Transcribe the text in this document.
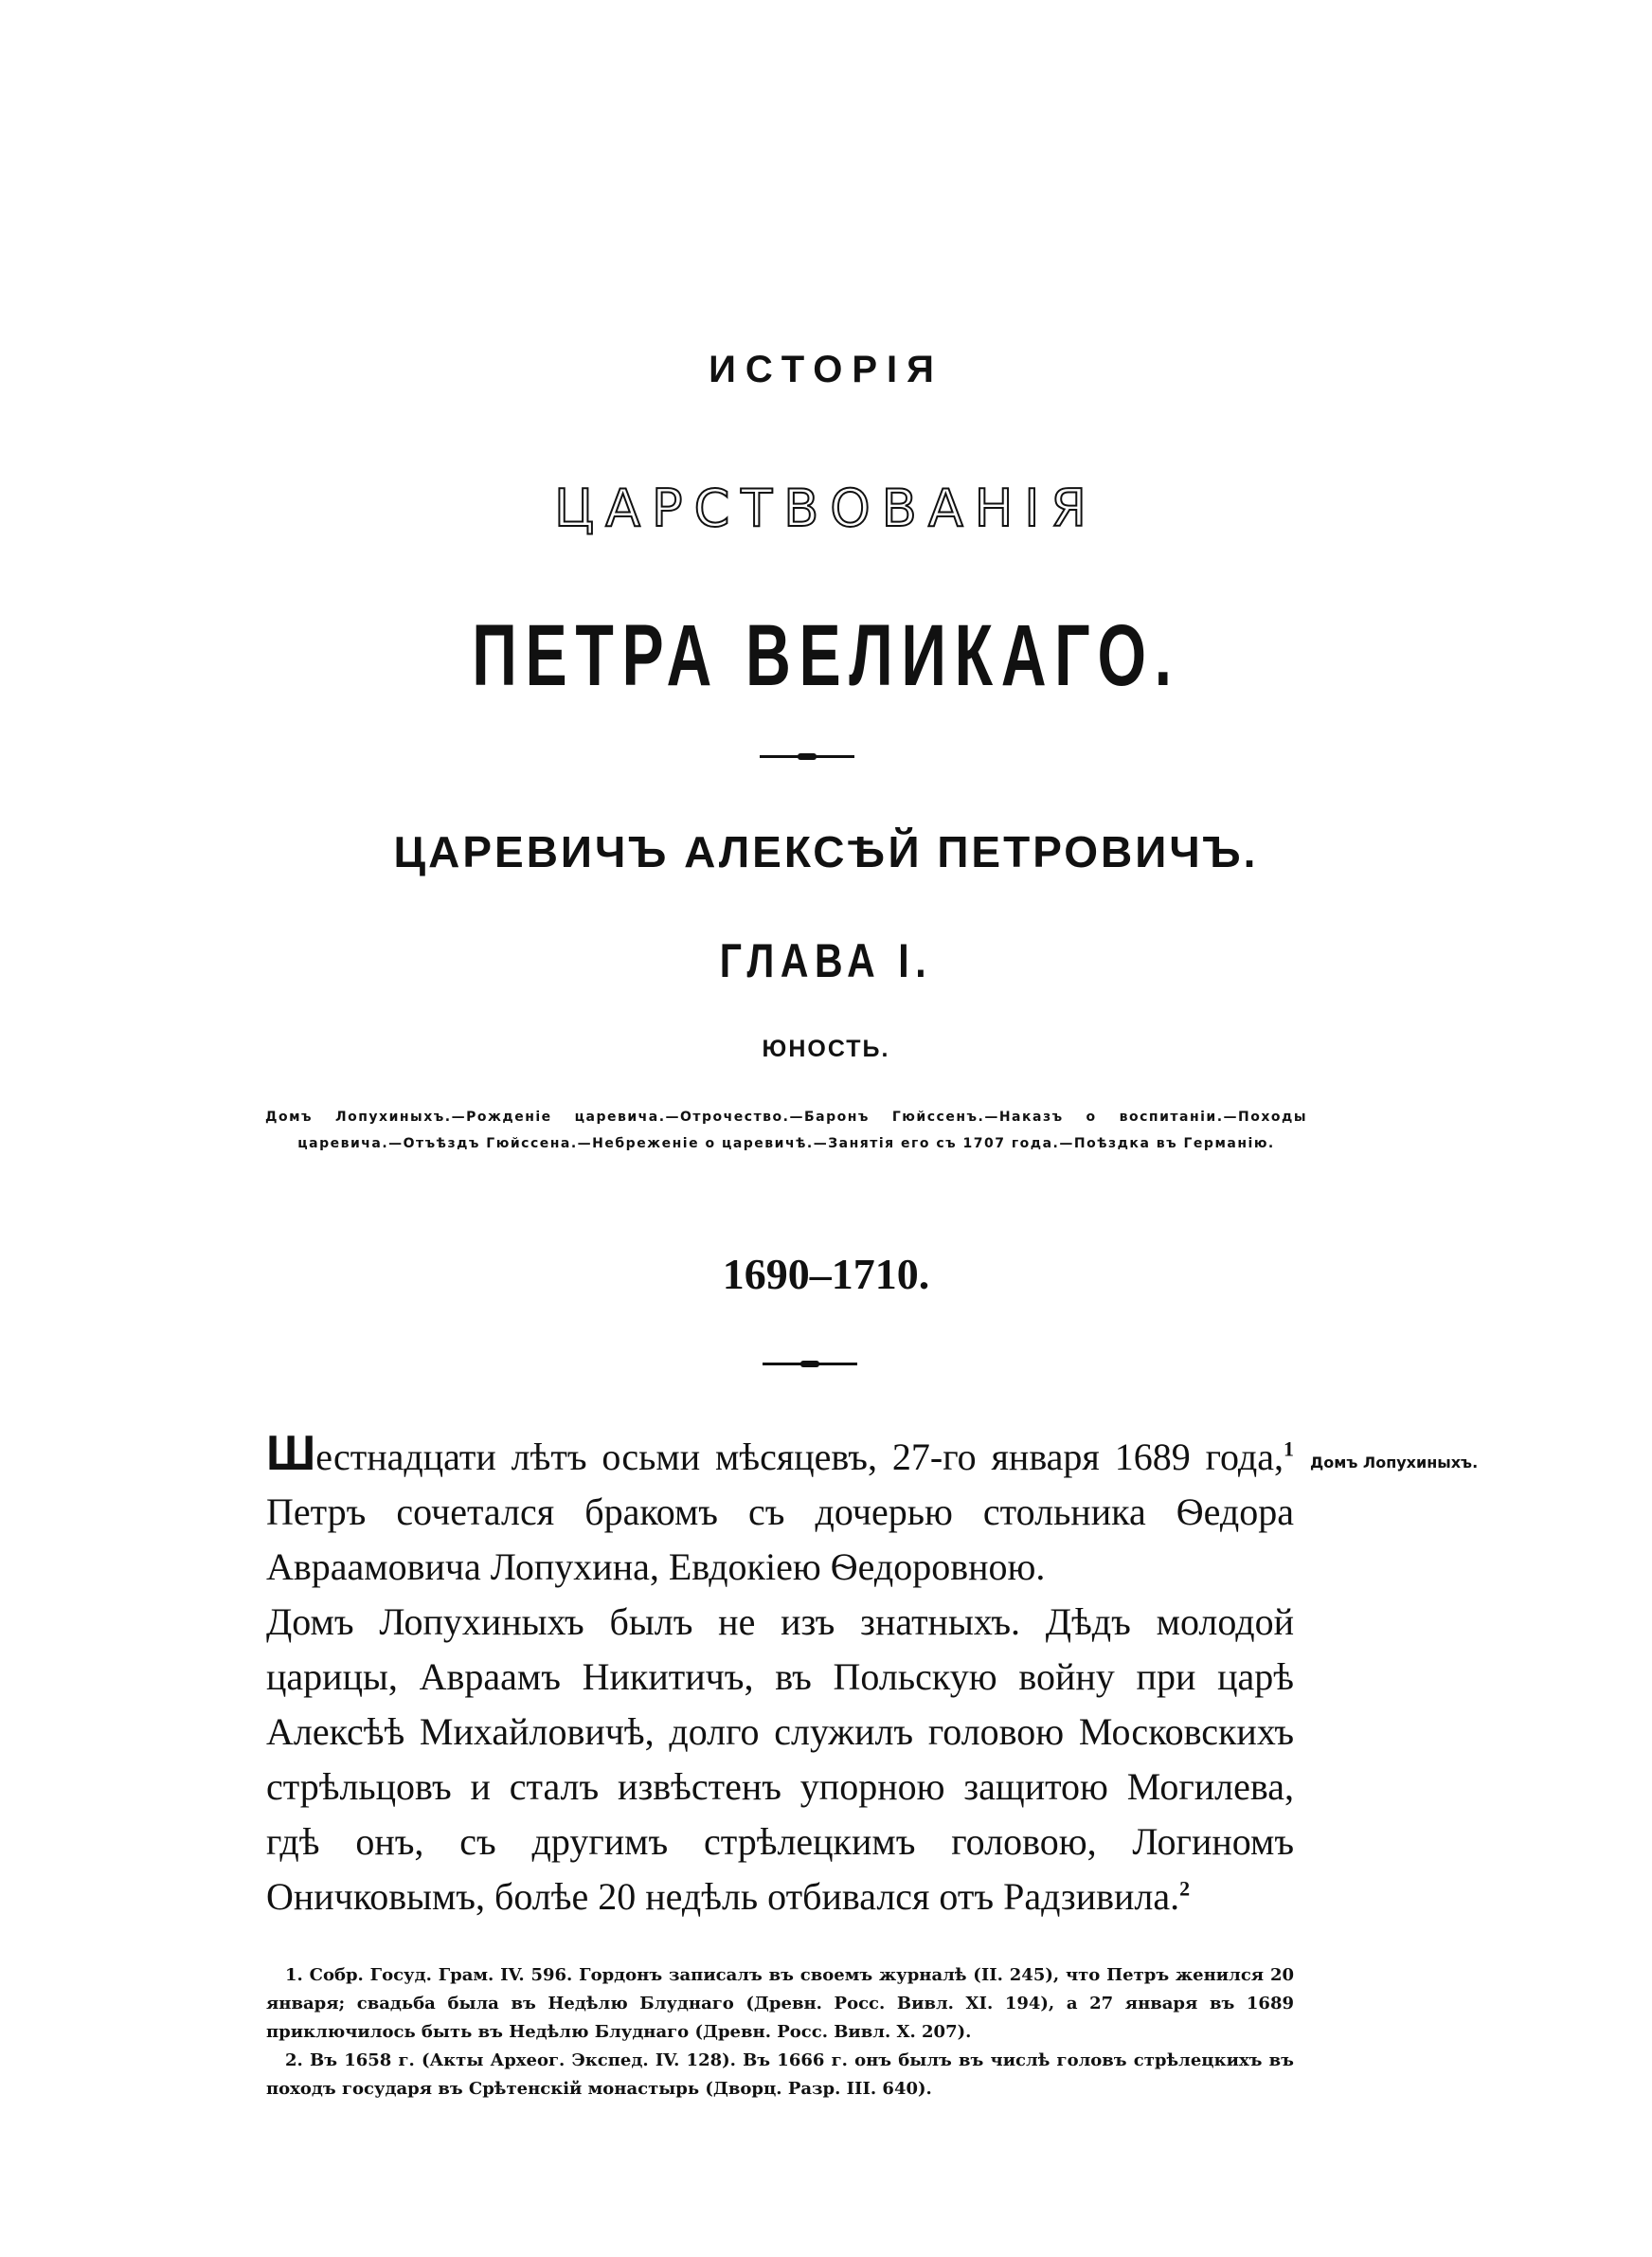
ИСТОРІЯ
ЦАРСТВОВАНІЯ
ПЕТРА ВЕЛИКАГО.
ЦАРЕВИЧЪ АЛЕКСѢЙ ПЕТРОВИЧЪ.
ГЛАВА I.
ЮНОСТЬ.
Домъ Лопухиныхъ.—Рожденіе царевича.—Отрочество.—Баронъ Гюйссенъ.—Наказъ о воспитаніи.—Походы царевича.—Отъѣздъ Гюйссена.—Небреженіе о царевичѣ.—Занятія его съ 1707 года.—Поѣздка въ Германію.
1690–1710.
Домъ Лопухиныхъ.

Шестнадцати лѣтъ осьми мѣсяцевъ, 27-го января 1689 года,$^1$ Петръ сочетался бракомъ съ дочерью стольника Ѳедора Авраамовича Лопухина, Евдокіею Ѳедоровною.

Домъ Лопухиныхъ былъ не изъ знатныхъ. Дѣдъ молодой царицы, Авраамъ Никитичъ, въ Польскую войну при царѣ Алексѣѣ Михайловичѣ, долго служилъ головою Московскихъ стрѣльцовъ и сталъ извѣстенъ упорною защитою Могилева, гдѣ онъ, съ другимъ стрѣлецкимъ головою, Логиномъ Оничковымъ, болѣе 20 недѣль отбивался отъ Радзивила.$^2$

1. Собр. Госуд. Грам. IV. 596. Гордонъ записалъ въ своемъ журналѣ (II. 245), что Петръ женился 20 января; свадьба была въ Недѣлю Блуднаго (Древн. Росс. Вивл. XI. 194), а 27 января въ 1689 приключилось быть въ Недѣлю Блуднаго (Древн. Росс. Вивл. X. 207).

2. Въ 1658 г. (Акты Археог. Экспед. IV. 128). Въ 1666 г. онъ былъ въ числѣ головъ стрѣлецкихъ въ походъ государя въ Срѣтенскій монастырь (Дворц. Разр. III. 640).
